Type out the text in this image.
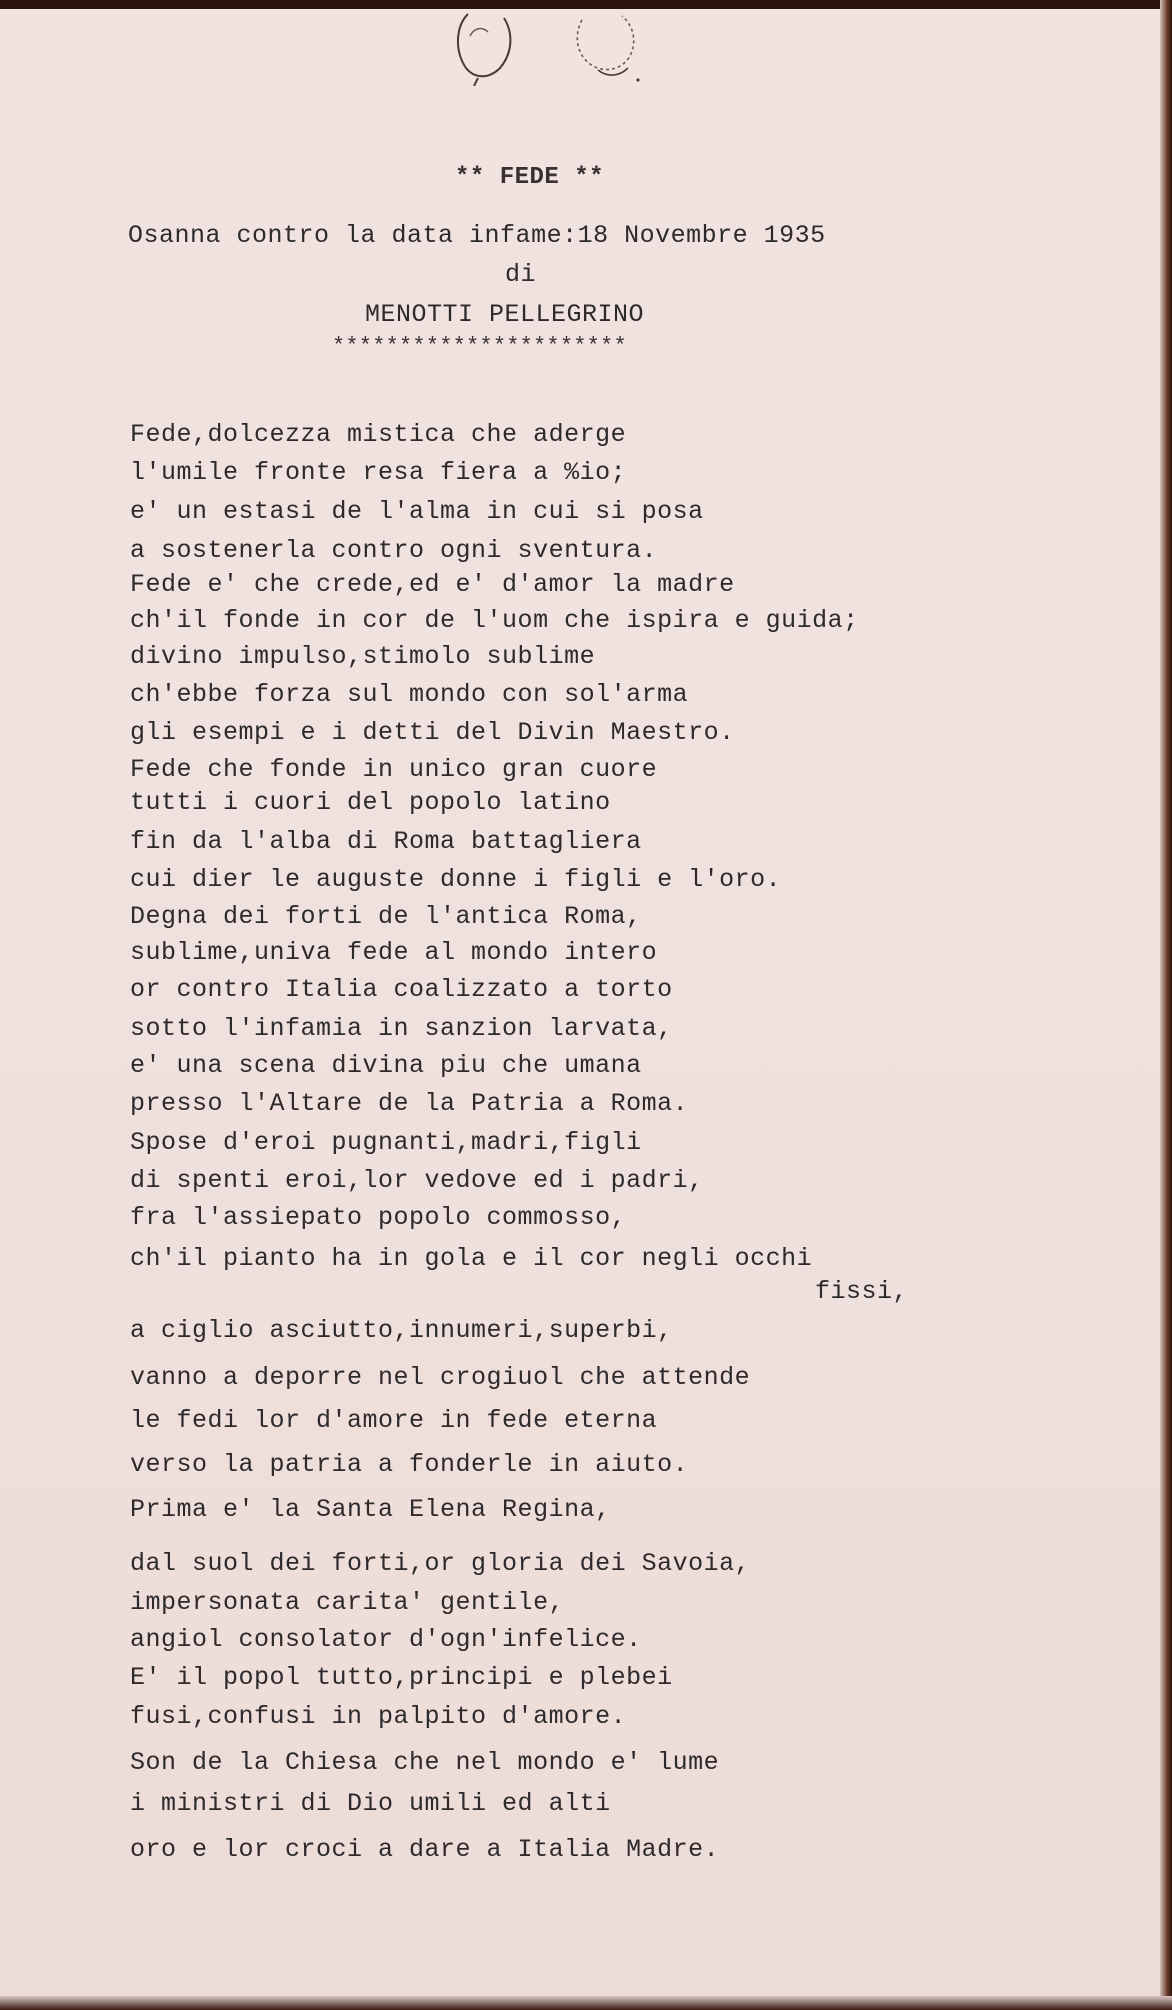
** FEDE **
Osanna contro la data infame:18 Novembre 1935
di
MENOTTI PELLEGRINO
**********************
Fede,dolcezza mistica che aderge
l'umile fronte resa fiera a %io;
e' un estasi de l'alma in cui si posa
a sostenerla contro ogni sventura.
Fede e' che crede,ed e' d'amor la madre
ch'il fonde in cor de l'uom che ispira e guida;
divino impulso,stimolo sublime
ch'ebbe forza sul mondo con sol'arma
gli esempi e i detti del Divin Maestro.
Fede che fonde in unico gran cuore
tutti i cuori del popolo latino
fin da l'alba di Roma battagliera
cui dier le auguste donne i figli e l'oro.
Degna dei forti de l'antica Roma,
sublime,univa fede al mondo intero
or contro Italia coalizzato a torto
sotto l'infamia in sanzion larvata,
e' una scena divina piu che umana
presso l'Altare de la Patria a Roma.
Spose d'eroi pugnanti,madri,figli
di spenti eroi,lor vedove ed i padri,
fra l'assiepato popolo commosso,
ch'il pianto ha in gola e il cor negli occhi
fissi,
a ciglio asciutto,innumeri,superbi,
vanno a deporre nel crogiuol che attende
le fedi lor d'amore in fede eterna
verso la patria a fonderle in aiuto.
Prima e' la Santa Elena Regina,
dal suol dei forti,or gloria dei Savoia,
impersonata carita' gentile,
angiol consolator d'ogn'infelice.
E' il popol tutto,principi e plebei
fusi,confusi in palpito d'amore.
Son de la Chiesa che nel mondo e' lume
i ministri di Dio umili ed alti
oro e lor croci a dare a Italia Madre.
